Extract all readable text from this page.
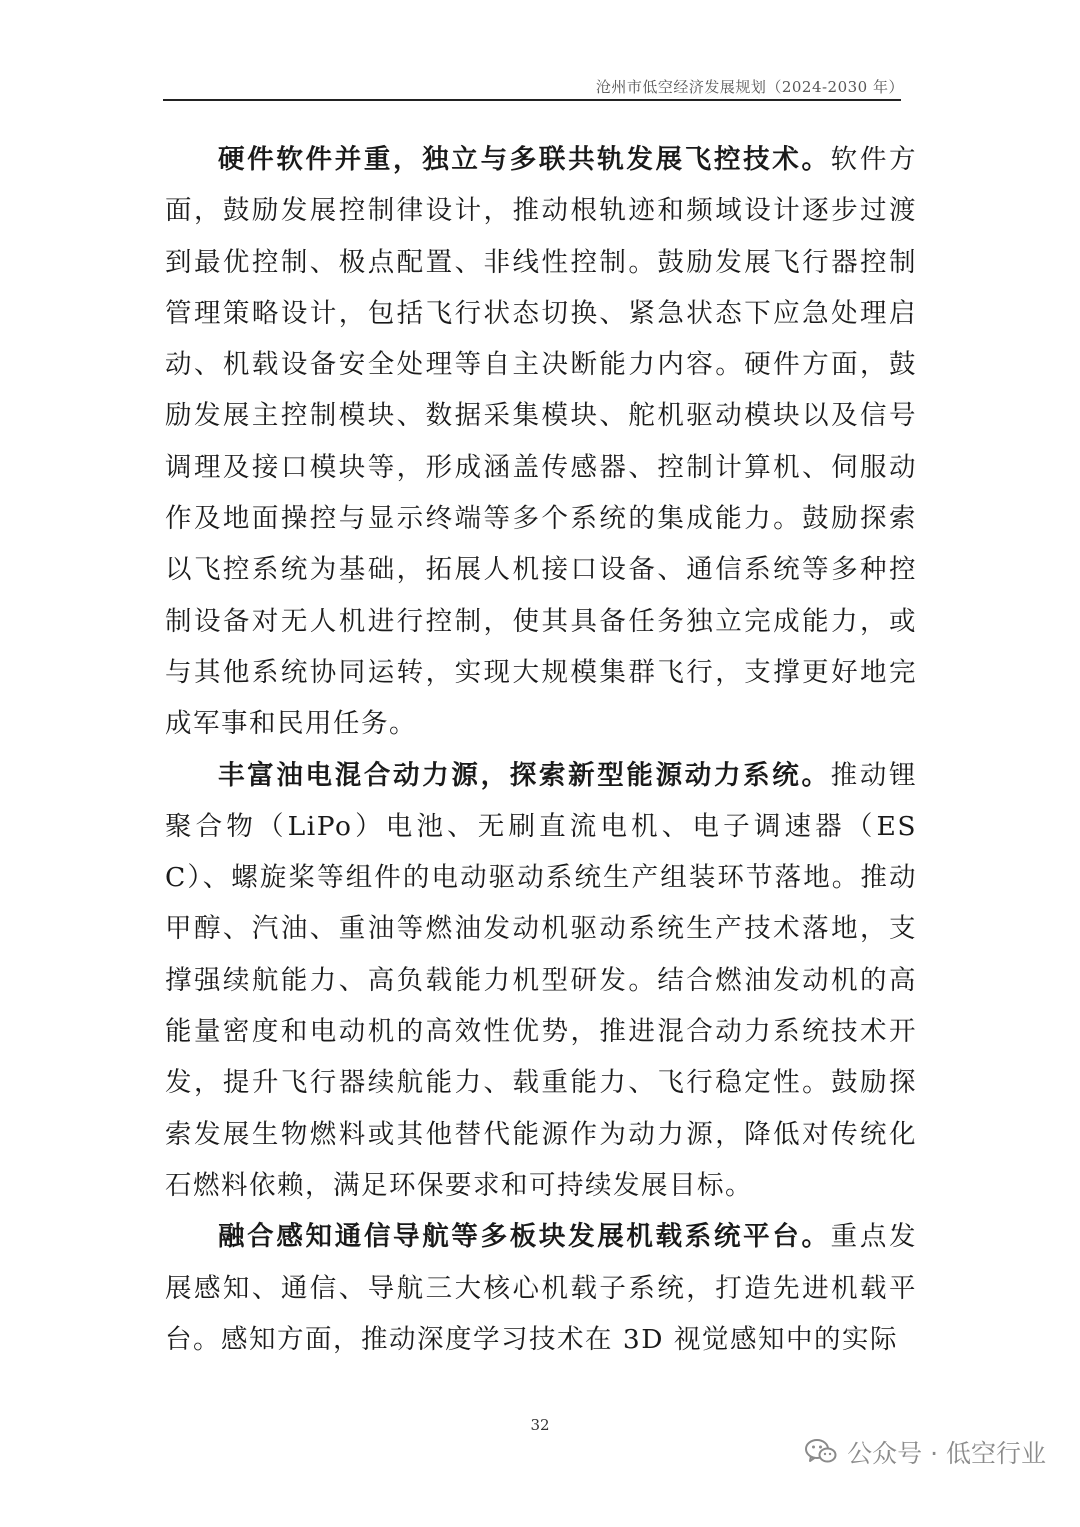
沧州市低空经济发展规划（2024-2030 年）

硬件软件并重，独立与多联共轨发展飞控技术。软件方面，鼓励发展控制律设计，推动根轨迹和频域设计逐步过渡到最优控制、极点配置、非线性控制。鼓励发展飞行器控制管理策略设计，包括飞行状态切换、紧急状态下应急处理启动、机载设备安全处理等自主决断能力内容。硬件方面，鼓励发展主控制模块、数据采集模块、舵机驱动模块以及信号调理及接口模块等，形成涵盖传感器、控制计算机、伺服动作及地面操控与显示终端等多个系统的集成能力。鼓励探索以飞控系统为基础，拓展人机接口设备、通信系统等多种控制设备对无人机进行控制，使其具备任务独立完成能力，或与其他系统协同运转，实现大规模集群飞行，支撑更好地完成军事和民用任务。

丰富油电混合动力源，探索新型能源动力系统。推动锂聚合物（LiPo）电池、无刷直流电机、电子调速器（ESC）、螺旋桨等组件的电动驱动系统生产组装环节落地。推动甲醇、汽油、重油等燃油发动机驱动系统生产技术落地，支撑强续航能力、高负载能力机型研发。结合燃油发动机的高能量密度和电动机的高效性优势，推进混合动力系统技术开发，提升飞行器续航能力、载重能力、飞行稳定性。鼓励探索发展生物燃料或其他替代能源作为动力源，降低对传统化石燃料依赖，满足环保要求和可持续发展目标。

融合感知通信导航等多板块发展机载系统平台。重点发展感知、通信、导航三大核心机载子系统，打造先进机载平台。感知方面，推动深度学习技术在 3D 视觉感知中的实际

32
公众号 · 低空行业
